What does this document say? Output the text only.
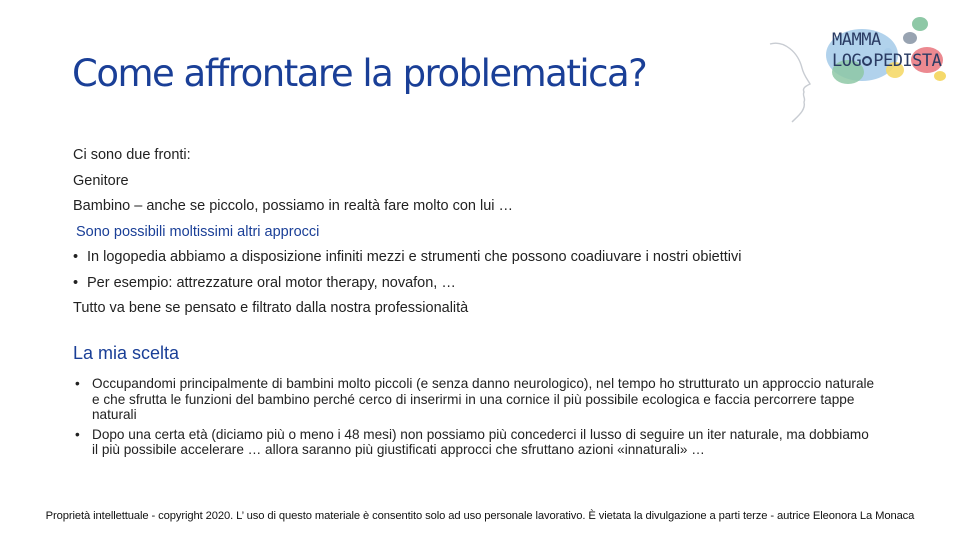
Come affrontare la problematica?
MAMMA
LOG PEDISTA
Ci sono due fronti:
Genitore
Bambino – anche se piccolo, possiamo in realtà fare molto con lui …
Sono possibili moltissimi altri approcci
• In logopedia abbiamo a disposizione infiniti mezzi e strumenti che possono coadiuvare i nostri obiettivi
• Per esempio: attrezzature oral motor therapy, novafon, …
Tutto va bene se pensato e filtrato dalla nostra professionalità
La mia scelta
• Occupandomi principalmente di bambini molto piccoli (e senza danno neurologico), nel tempo ho strutturato un approccio naturale e che sfrutta le funzioni del bambino perché cerco di inserirmi in una cornice il più possibile ecologica e faccia percorrere tappe naturali
• Dopo una certa età (diciamo più o meno i 48 mesi) non possiamo più concederci il lusso di seguire un iter naturale, ma dobbiamo il più possibile accelerare … allora saranno più giustificati approcci che sfruttano azioni «innaturali» …
Proprietà intellettuale - copyright 2020. L’ uso di questo materiale è consentito solo ad uso personale lavorativo. È vietata la divulgazione a parti terze - autrice Eleonora La Monaca
